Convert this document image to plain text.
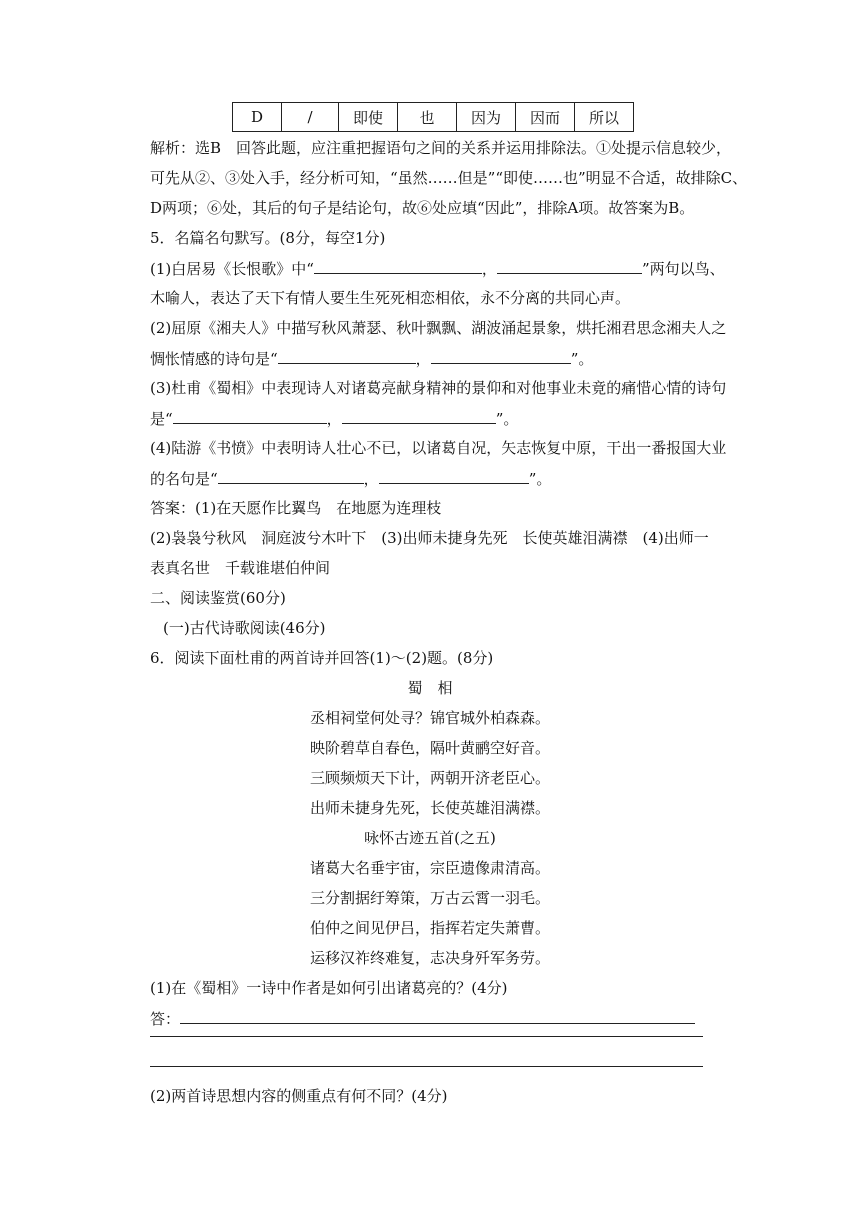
D	/	即使	也	因为	因而	所以
解析：选B　回答此题，应注重把握语句之间的关系并运用排除法。①处提示信息较少，
可先从②、③处入手，经分析可知，“虽然……但是”“即使……也”明显不合适，故排除C、
D两项；⑥处，其后的句子是结论句，故⑥处应填“因此”，排除A项。故答案为B。
5．名篇名句默写。(8分，每空1分)
(1)白居易《长恨歌》中“	，	”两句以鸟、
木喻人，表达了天下有情人要生生死死相恋相依，永不分离的共同心声。
(2)屈原《湘夫人》中描写秋风萧瑟、秋叶飘飘、湖波涌起景象，烘托湘君思念湘夫人之
惆怅情感的诗句是“	，	”。
(3)杜甫《蜀相》中表现诗人对诸葛亮献身精神的景仰和对他事业未竟的痛惜心情的诗句
是“	，	”。
(4)陆游《书愤》中表明诗人壮心不已，以诸葛自况，矢志恢复中原，干出一番报国大业
的名句是“	，	”。
答案：(1)在天愿作比翼鸟　在地愿为连理枝
(2)袅袅兮秋风　洞庭波兮木叶下　(3)出师未捷身先死　长使英雄泪满襟　(4)出师一
表真名世　千载谁堪伯仲间
二、阅读鉴赏(60分)
(一)古代诗歌阅读(46分)
6．阅读下面杜甫的两首诗并回答(1)～(2)题。(8分)
蜀　相
丞相祠堂何处寻？锦官城外柏森森。
映阶碧草自春色，隔叶黄鹂空好音。
三顾频烦天下计，两朝开济老臣心。
出师未捷身先死，长使英雄泪满襟。
咏怀古迹五首(之五)
诸葛大名垂宇宙，宗臣遗像肃清高。
三分割据纡筹策，万古云霄一羽毛。
伯仲之间见伊吕，指挥若定失萧曹。
运移汉祚终难复，志决身歼军务劳。
(1)在《蜀相》一诗中作者是如何引出诸葛亮的？(4分)
答：
(2)两首诗思想内容的侧重点有何不同？(4分)
